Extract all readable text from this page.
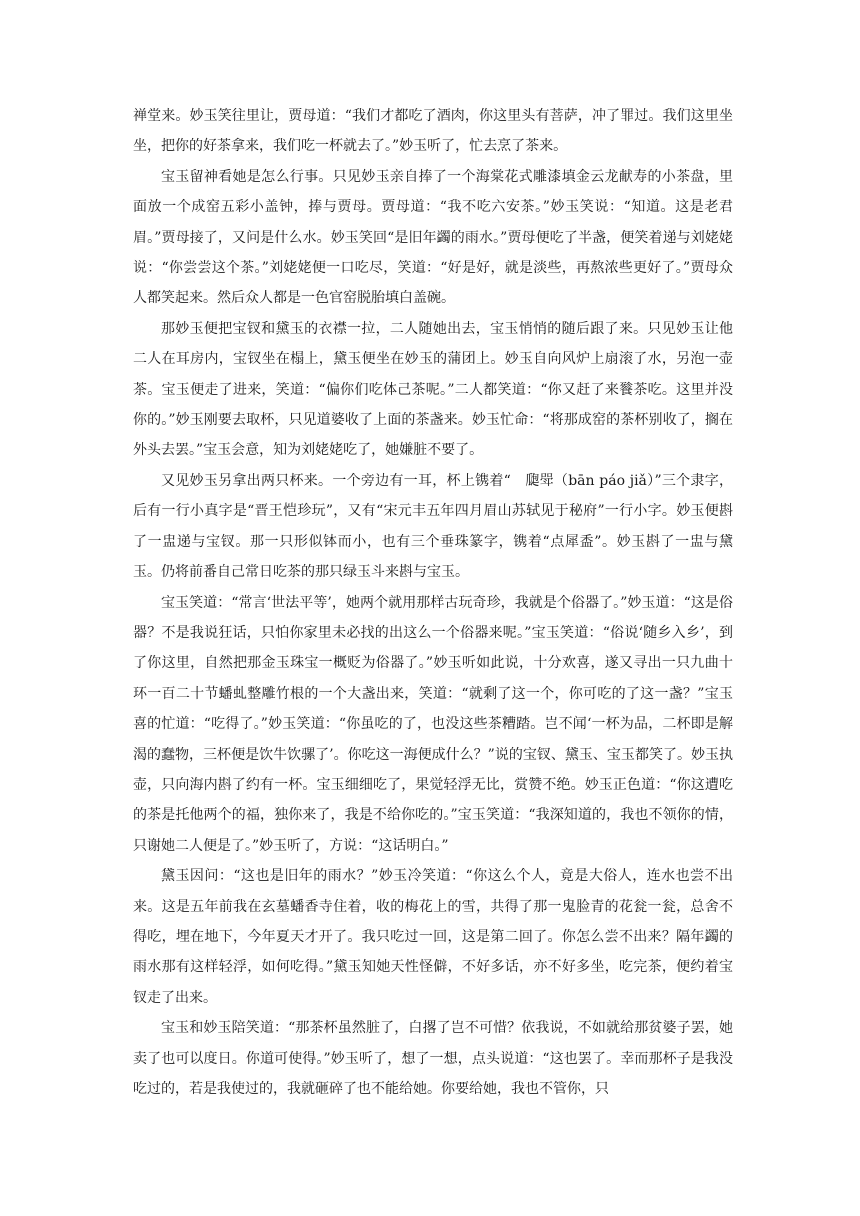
禅堂来。妙玉笑往里让，贾母道：“我们才都吃了酒肉，你这里头有菩萨，冲了罪过。我们这里坐坐，把你的好茶拿来，我们吃一杯就去了。”妙玉听了，忙去烹了茶来。

宝玉留神看她是怎么行事。只见妙玉亲自捧了一个海棠花式雕漆填金云龙献寿的小茶盘，里面放一个成窑五彩小盖钟，捧与贾母。贾母道：“我不吃六安茶。”妙玉笑说：“知道。这是老君眉。”贾母接了，又问是什么水。妙玉笑回“是旧年蠲的雨水。”贾母便吃了半盏，便笑着递与刘姥姥说：“你尝尝这个茶。”刘姥姥便一口吃尽，笑道：“好是好，就是淡些，再熬浓些更好了。”贾母众人都笑起来。然后众人都是一色官窑脱胎填白盖碗。

那妙玉便把宝钗和黛玉的衣襟一拉，二人随她出去，宝玉悄悄的随后跟了来。只见妙玉让他二人在耳房内，宝钗坐在榻上，黛玉便坐在妙玉的蒲团上。妙玉自向风炉上扇滚了水，另泡一壶茶。宝玉便走了进来，笑道：“偏你们吃体己茶呢。”二人都笑道：“你又赶了来餮茶吃。这里并没你的。”妙玉刚要去取杯，只见道婆收了上面的茶盏来。妙玉忙命：“将那成窑的茶杯别收了，搁在外头去罢。”宝玉会意，知为刘姥姥吃了，她嫌脏不要了。

又见妙玉另拿出两只杯来。一个旁边有一耳，杯上镌着“　瓟斝（bān páo jiǎ）”三个隶字，后有一行小真字是“晋王恺珍玩”，又有“宋元丰五年四月眉山苏轼见于秘府”一行小字。妙玉便斟了一盅递与宝钗。那一只形似钵而小，也有三个垂珠篆字，镌着“点犀盉”。妙玉斟了一盅与黛玉。仍将前番自己常日吃茶的那只绿玉斗来斟与宝玉。

宝玉笑道：“常言‘世法平等’，她两个就用那样古玩奇珍，我就是个俗器了。”妙玉道：“这是俗器？不是我说狂话，只怕你家里未必找的出这么一个俗器来呢。”宝玉笑道：“俗说‘随乡入乡’，到了你这里，自然把那金玉珠宝一概贬为俗器了。”妙玉听如此说，十分欢喜，遂又寻出一只九曲十环一百二十节蟠虬整雕竹根的一个大盏出来，笑道：“就剩了这一个，你可吃的了这一盏？”宝玉喜的忙道：“吃得了。”妙玉笑道：“你虽吃的了，也没这些茶糟踏。岂不闻‘一杯为品，二杯即是解渴的蠢物，三杯便是饮牛饮骡了’。你吃这一海便成什么？”说的宝钗、黛玉、宝玉都笑了。妙玉执壶，只向海内斟了约有一杯。宝玉细细吃了，果觉轻浮无比，赏赞不绝。妙玉正色道：“你这遭吃的茶是托他两个的福，独你来了，我是不给你吃的。”宝玉笑道：“我深知道的，我也不领你的情，只谢她二人便是了。”妙玉听了，方说：“这话明白。”

黛玉因问：“这也是旧年的雨水？”妙玉冷笑道：“你这么个人，竟是大俗人，连水也尝不出来。这是五年前我在玄墓蟠香寺住着，收的梅花上的雪，共得了那一鬼脸青的花瓮一瓮，总舍不得吃，埋在地下，今年夏天才开了。我只吃过一回，这是第二回了。你怎么尝不出来？隔年蠲的雨水那有这样轻浮，如何吃得。”黛玉知她天性怪僻，不好多话，亦不好多坐，吃完茶，便约着宝钗走了出来。

宝玉和妙玉陪笑道：“那茶杯虽然脏了，白撂了岂不可惜？依我说，不如就给那贫婆子罢，她卖了也可以度日。你道可使得。”妙玉听了，想了一想，点头说道：“这也罢了。幸而那杯子是我没吃过的，若是我使过的，我就砸碎了也不能给她。你要给她，我也不管你，只
